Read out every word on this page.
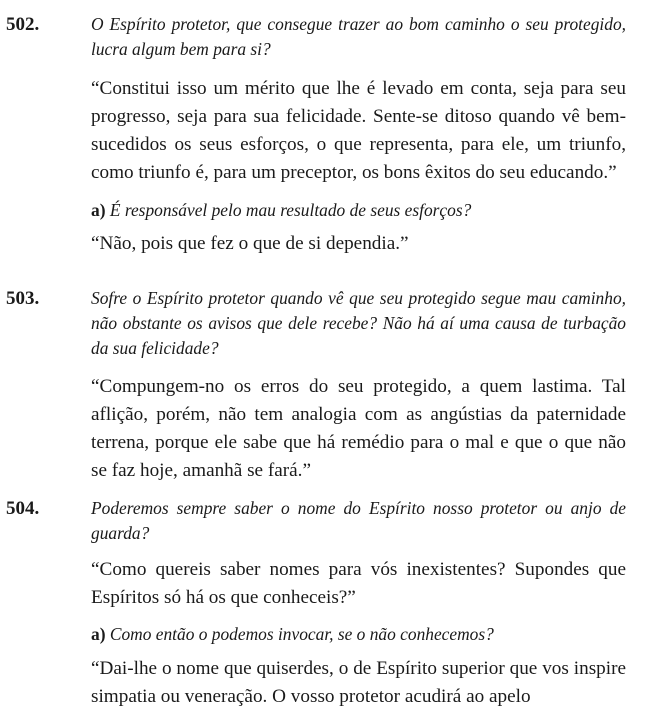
502.	O Espírito protetor, que consegue trazer ao bom caminho o seu protegido, lucra algum bem para si?

“Constitui isso um mérito que lhe é levado em conta, seja para seu progresso, seja para sua felicidade. Sente-se ditoso quando vê bem-sucedidos os seus esforços, o que representa, para ele, um triunfo, como triunfo é, para um preceptor, os bons êxitos do seu educando.”

a) É responsável pelo mau resultado de seus esforços?

“Não, pois que fez o que de si dependia.”

503.	Sofre o Espírito protetor quando vê que seu protegido segue mau caminho, não obstante os avisos que dele recebe? Não há aí uma causa de turbação da sua felicidade?

“Compungem-no os erros do seu protegido, a quem lastima. Tal aflição, porém, não tem analogia com as angústias da paternidade terrena, porque ele sabe que há remédio para o mal e que o que não se faz hoje, amanhã se fará.”

504.	Poderemos sempre saber o nome do Espírito nosso protetor ou anjo de guarda?

“Como quereis saber nomes para vós inexistentes? Supondes que Espíritos só há os que conheceis?”

a) Como então o podemos invocar, se o não conhecemos?

“Dai-lhe o nome que quiserdes, o de Espírito superior que vos inspire simpatia ou veneração. O vosso protetor acudirá ao apelo
